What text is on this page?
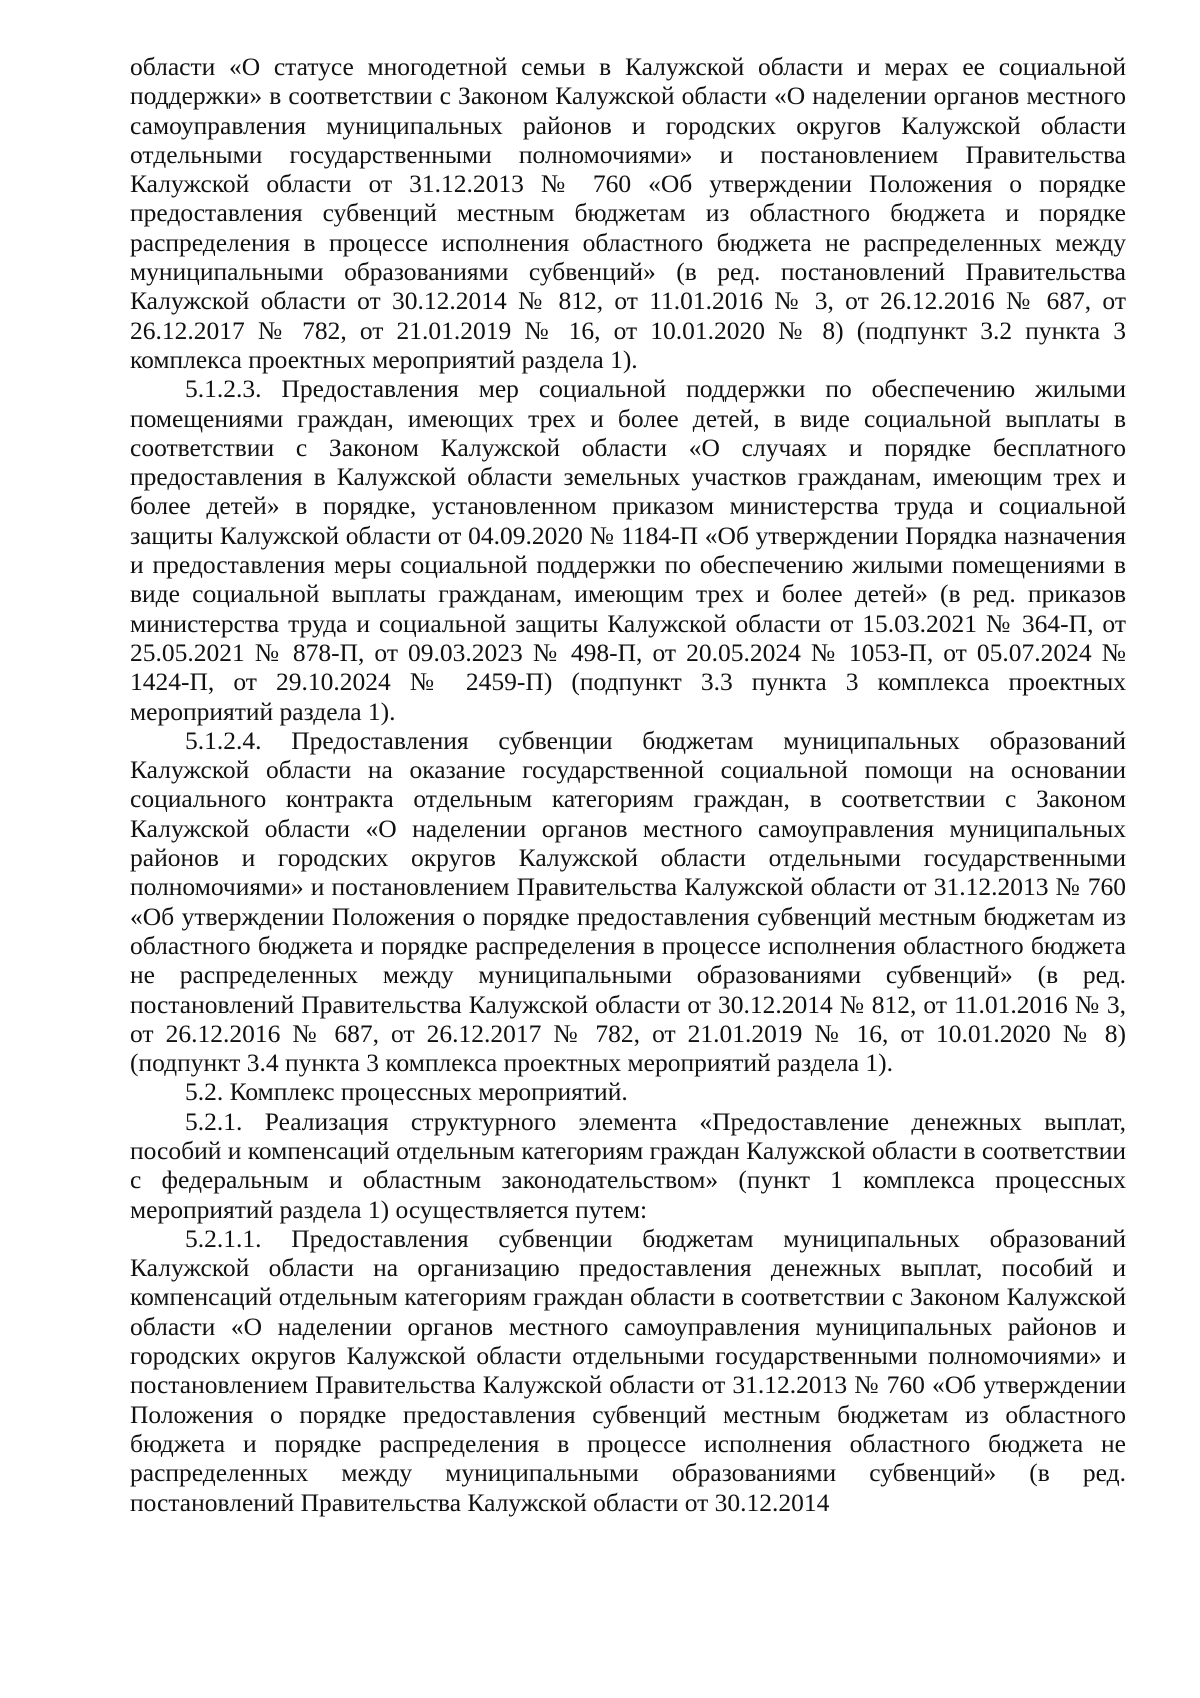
области «О статусе многодетной семьи в Калужской области и мерах ее социальной поддержки» в соответствии с Законом Калужской области «О наделении органов местного самоуправления муниципальных районов и городских округов Калужской области отдельными государственными полномочиями» и постановлением Правительства Калужской области от 31.12.2013 № 760 «Об утверждении Положения о порядке предоставления субвенций местным бюджетам из областного бюджета и порядке распределения в процессе исполнения областного бюджета не распределенных между муниципальными образованиями субвенций» (в ред. постановлений Правительства Калужской области от 30.12.2014 № 812, от 11.01.2016 № 3, от 26.12.2016 № 687, от 26.12.2017 № 782, от 21.01.2019 № 16, от 10.01.2020 № 8) (подпункт 3.2 пункта 3 комплекса проектных мероприятий раздела 1).

5.1.2.3. Предоставления мер социальной поддержки по обеспечению жилыми помещениями граждан, имеющих трех и более детей, в виде социальной выплаты в соответствии с Законом Калужской области «О случаях и порядке бесплатного предоставления в Калужской области земельных участков гражданам, имеющим трех и более детей» в порядке, установленном приказом министерства труда и социальной защиты Калужской области от 04.09.2020 № 1184-П «Об утверждении Порядка назначения и предоставления меры социальной поддержки по обеспечению жилыми помещениями в виде социальной выплаты гражданам, имеющим трех и более детей» (в ред. приказов министерства труда и социальной защиты Калужской области от 15.03.2021 № 364-П, от 25.05.2021 № 878-П, от 09.03.2023 № 498-П, от 20.05.2024 № 1053-П, от 05.07.2024 № 1424-П, от 29.10.2024 № 2459-П) (подпункт 3.3 пункта 3 комплекса проектных мероприятий раздела 1).

5.1.2.4. Предоставления субвенции бюджетам муниципальных образований Калужской области на оказание государственной социальной помощи на основании социального контракта отдельным категориям граждан, в соответствии с Законом Калужской области «О наделении органов местного самоуправления муниципальных районов и городских округов Калужской области отдельными государственными полномочиями» и постановлением Правительства Калужской области от 31.12.2013 № 760 «Об утверждении Положения о порядке предоставления субвенций местным бюджетам из областного бюджета и порядке распределения в процессе исполнения областного бюджета не распределенных между муниципальными образованиями субвенций» (в ред. постановлений Правительства Калужской области от 30.12.2014 № 812, от 11.01.2016 № 3, от 26.12.2016 № 687, от 26.12.2017 № 782, от 21.01.2019 № 16, от 10.01.2020 № 8) (подпункт 3.4 пункта 3 комплекса проектных мероприятий раздела 1).

5.2. Комплекс процессных мероприятий.

5.2.1. Реализация структурного элемента «Предоставление денежных выплат, пособий и компенсаций отдельным категориям граждан Калужской области в соответствии с федеральным и областным законодательством» (пункт 1 комплекса процессных мероприятий раздела 1) осуществляется путем:

5.2.1.1. Предоставления субвенции бюджетам муниципальных образований Калужской области на организацию предоставления денежных выплат, пособий и компенсаций отдельным категориям граждан области в соответствии с Законом Калужской области «О наделении органов местного самоуправления муниципальных районов и городских округов Калужской области отдельными государственными полномочиями» и постановлением Правительства Калужской области от 31.12.2013 № 760 «Об утверждении Положения о порядке предоставления субвенций местным бюджетам из областного бюджета и порядке распределения в процессе исполнения областного бюджета не распределенных между муниципальными образованиями субвенций» (в ред. постановлений Правительства Калужской области от 30.12.2014
